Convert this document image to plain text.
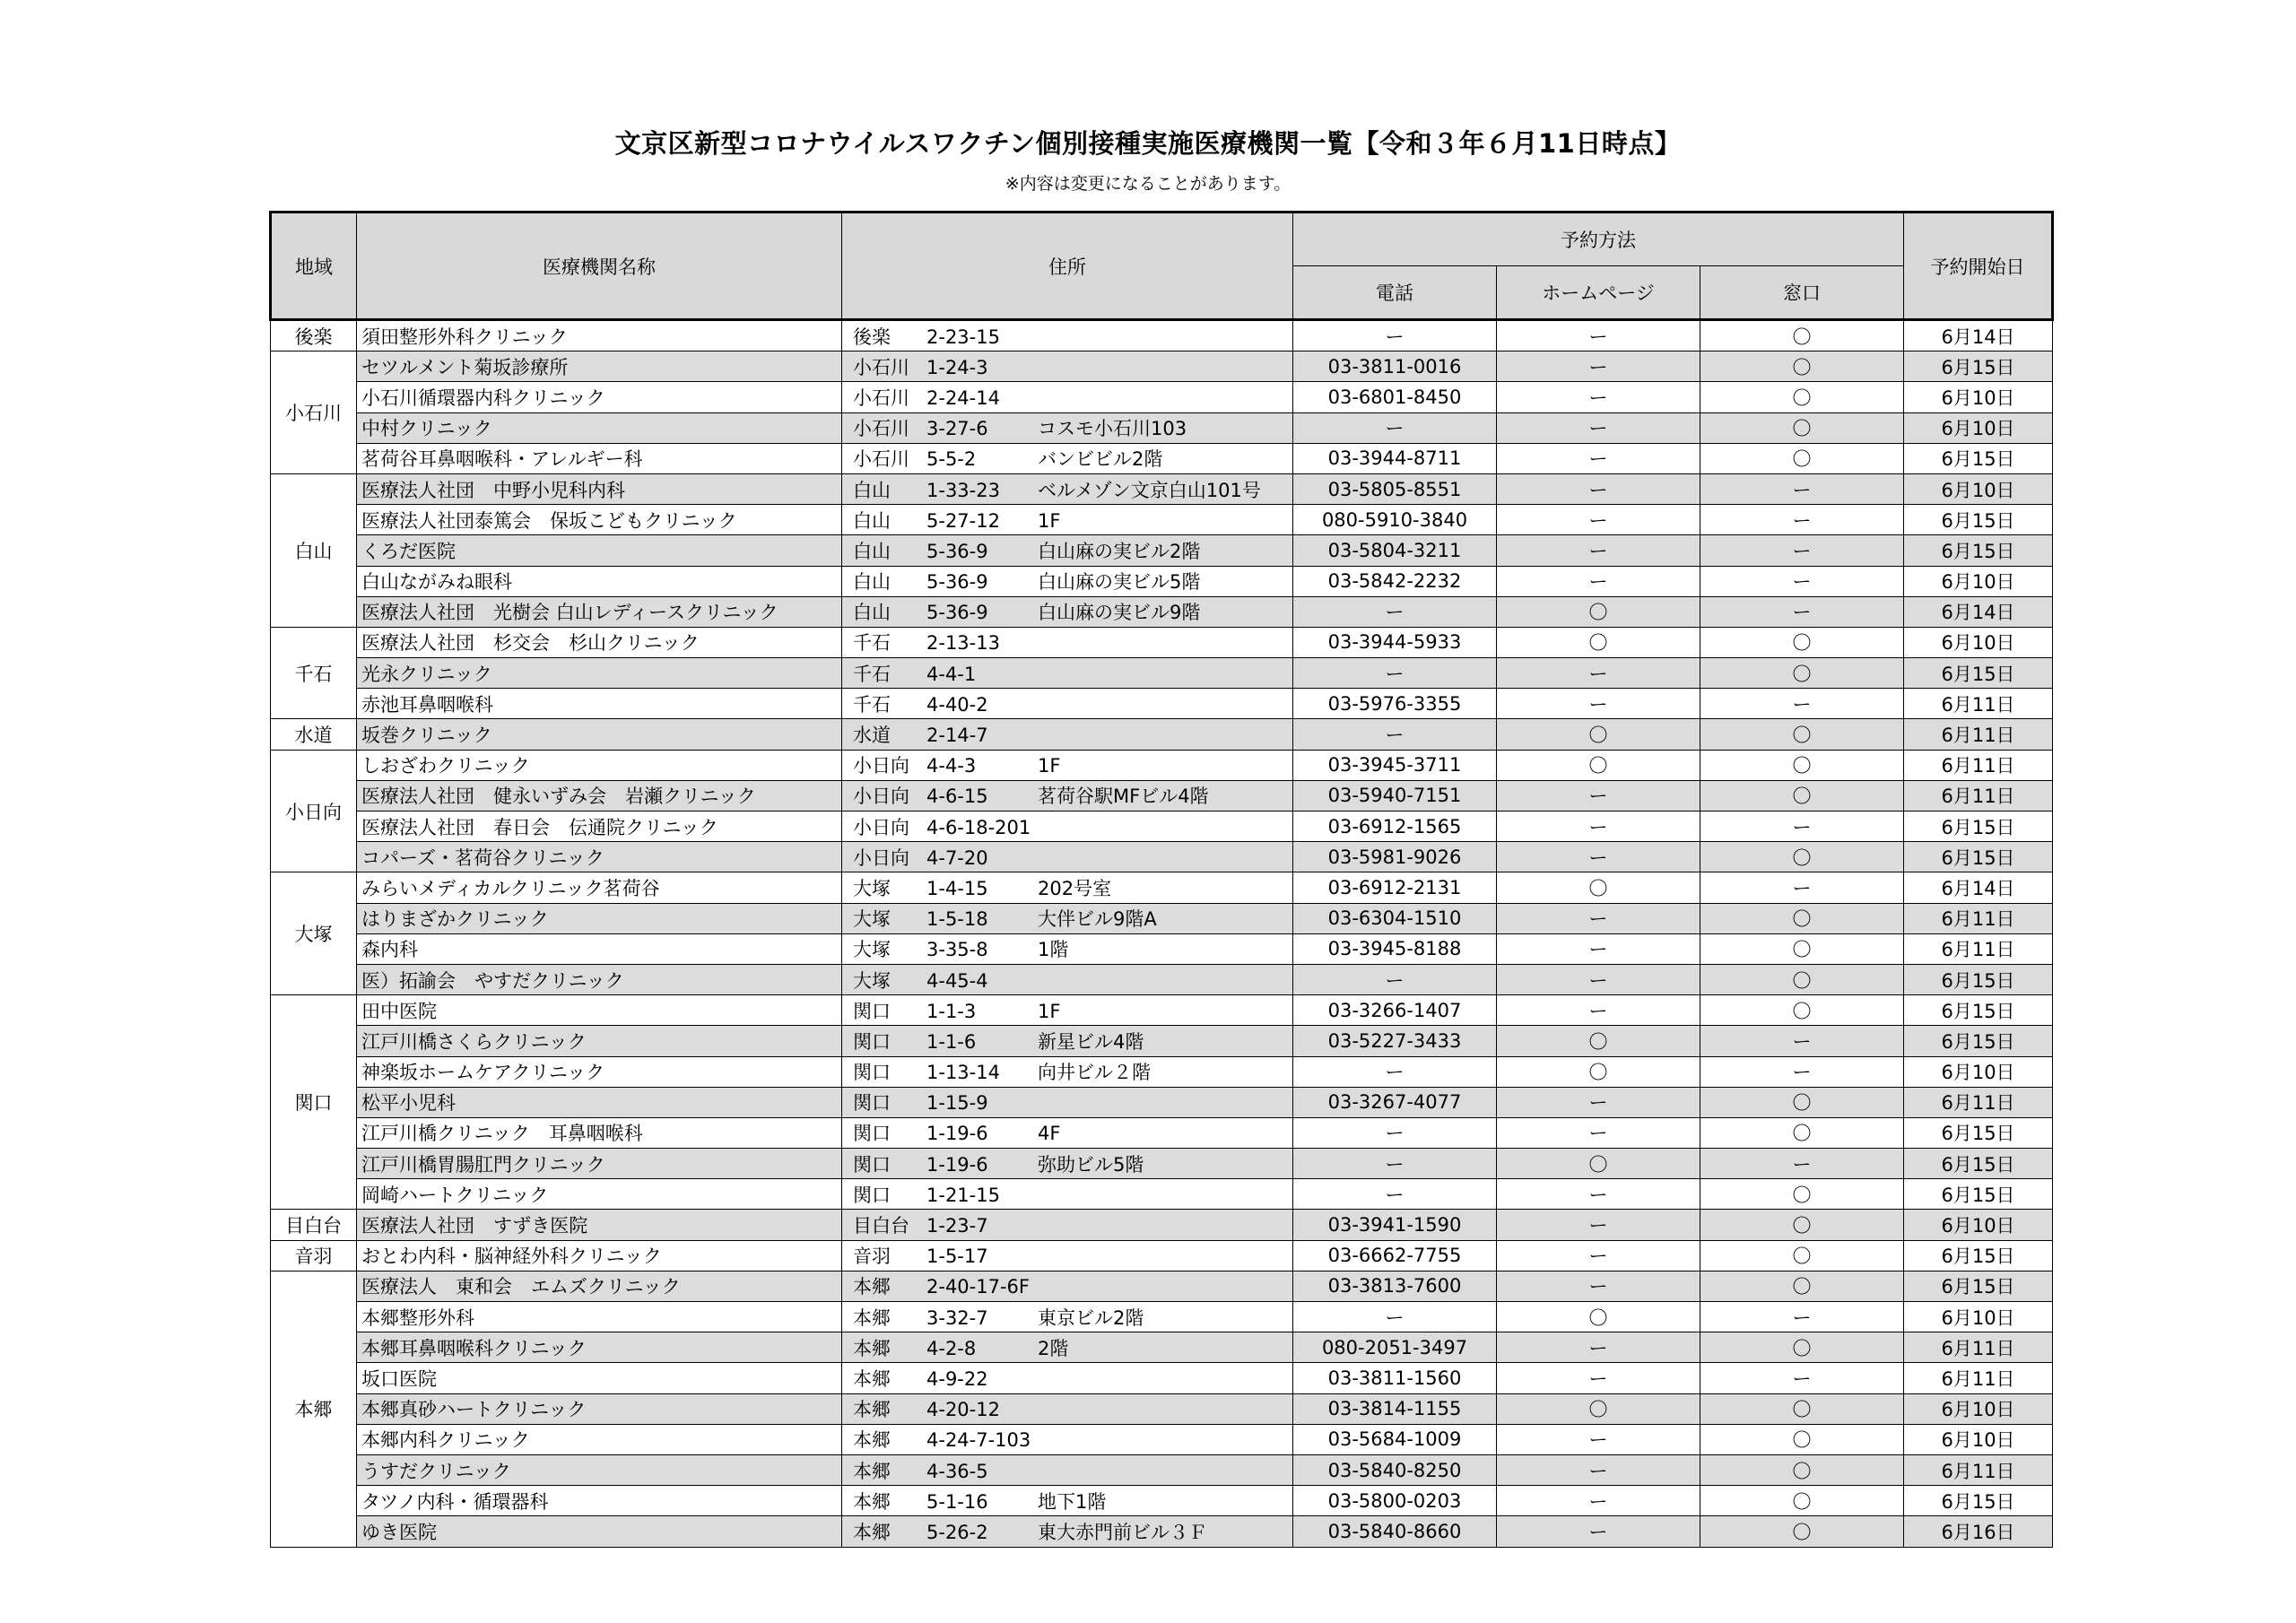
文京区新型コロナウイルスワクチン個別接種実施医療機関一覧【令和３年６月11日時点】
※内容は変更になることがあります。
地域	医療機関名称	住所	予約方法			予約開始日
			電話	ホームページ	窓口	
後楽	須田整形外科クリニック	後楽 2-23-15	ー	ー	〇	6月14日
小石川	セツルメント菊坂診療所	小石川 1-24-3	03-3811-0016	ー	〇	6月15日
	小石川循環器内科クリニック	小石川 2-24-14	03-6801-8450	ー	〇	6月10日
	中村クリニック	小石川 3-27-6 コスモ小石川103	ー	ー	〇	6月10日
	茗荷谷耳鼻咽喉科・アレルギー科	小石川 5-5-2 バンビビル2階	03-3944-8711	ー	〇	6月15日
白山	医療法人社団　中野小児科内科	白山 1-33-23 ベルメゾン文京白山101号	03-5805-8551	ー	ー	6月10日
	医療法人社団泰篤会　保坂こどもクリニック	白山 5-27-12 1F	080-5910-3840	ー	ー	6月15日
	くろだ医院	白山 5-36-9 白山麻の実ビル2階	03-5804-3211	ー	ー	6月15日
	白山ながみね眼科	白山 5-36-9 白山麻の実ビル5階	03-5842-2232	ー	ー	6月10日
	医療法人社団　光樹会 白山レディースクリニック	白山 5-36-9 白山麻の実ビル9階	ー	〇	ー	6月14日
千石	医療法人社団　杉交会　杉山クリニック	千石 2-13-13	03-3944-5933	〇	〇	6月10日
	光永クリニック	千石 4-4-1	ー	ー	〇	6月15日
	赤池耳鼻咽喉科	千石 4-40-2	03-5976-3355	ー	ー	6月11日
水道	坂巻クリニック	水道 2-14-7	ー	〇	〇	6月11日
小日向	しおざわクリニック	小日向 4-4-3 1F	03-3945-3711	〇	〇	6月11日
	医療法人社団　健永いずみ会　岩瀬クリニック	小日向 4-6-15 茗荷谷駅MFビル4階	03-5940-7151	ー	〇	6月11日
	医療法人社団　春日会　伝通院クリニック	小日向 4-6-18-201	03-6912-1565	ー	ー	6月15日
	コパーズ・茗荷谷クリニック	小日向 4-7-20	03-5981-9026	ー	〇	6月15日
大塚	みらいメディカルクリニック茗荷谷	大塚 1-4-15 202号室	03-6912-2131	〇	ー	6月14日
	はりまざかクリニック	大塚 1-5-18 大伴ビル9階A	03-6304-1510	ー	〇	6月11日
	森内科	大塚 3-35-8 1階	03-3945-8188	ー	〇	6月11日
	医）拓諭会　やすだクリニック	大塚 4-45-4	ー	ー	〇	6月15日
関口	田中医院	関口 1-1-3 1F	03-3266-1407	ー	〇	6月15日
	江戸川橋さくらクリニック	関口 1-1-6 新星ビル4階	03-5227-3433	〇	ー	6月15日
	神楽坂ホームケアクリニック	関口 1-13-14 向井ビル２階	ー	〇	ー	6月10日
	松平小児科	関口 1-15-9	03-3267-4077	ー	〇	6月11日
	江戸川橋クリニック　耳鼻咽喉科	関口 1-19-6 4F	ー	ー	〇	6月15日
	江戸川橋胃腸肛門クリニック	関口 1-19-6 弥助ビル5階	ー	〇	ー	6月15日
	岡崎ハートクリニック	関口 1-21-15	ー	ー	〇	6月15日
目白台	医療法人社団　すずき医院	目白台 1-23-7	03-3941-1590	ー	〇	6月10日
音羽	おとわ内科・脳神経外科クリニック	音羽 1-5-17	03-6662-7755	ー	〇	6月15日
本郷	医療法人　東和会　エムズクリニック	本郷 2-40-17-6F	03-3813-7600	ー	〇	6月15日
	本郷整形外科	本郷 3-32-7 東京ビル2階	ー	〇	ー	6月10日
	本郷耳鼻咽喉科クリニック	本郷 4-2-8 2階	080-2051-3497	ー	〇	6月11日
	坂口医院	本郷 4-9-22	03-3811-1560	ー	ー	6月11日
	本郷真砂ハートクリニック	本郷 4-20-12	03-3814-1155	〇	〇	6月10日
	本郷内科クリニック	本郷 4-24-7-103	03-5684-1009	ー	〇	6月10日
	うすだクリニック	本郷 4-36-5	03-5840-8250	ー	〇	6月11日
	タツノ内科・循環器科	本郷 5-1-16 地下1階	03-5800-0203	ー	〇	6月15日
	ゆき医院	本郷 5-26-2 東大赤門前ビル３Ｆ	03-5840-8660	ー	〇	6月16日
